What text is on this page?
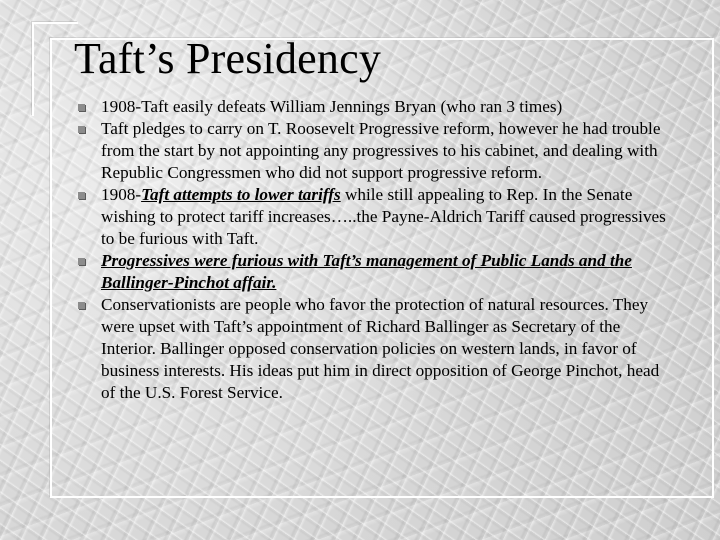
Taft’s Presidency
1908-Taft easily defeats William Jennings Bryan (who ran 3 times)
Taft pledges to carry on T. Roosevelt Progressive reform, however he had trouble from the start by not appointing any progressives to his cabinet, and dealing with Republic Congressmen who did not support progressive reform.
1908-Taft attempts to lower tariffs while still appealing to Rep. In the Senate wishing to protect tariff increases…..the Payne-Aldrich Tariff caused progressives to be furious with Taft.
Progressives were furious with Taft’s management of Public Lands and the Ballinger-Pinchot affair.
Conservationists are people who favor the protection of natural resources. They were upset with Taft’s appointment of Richard Ballinger as Secretary of the Interior. Ballinger opposed conservation policies on western lands, in favor of business interests. His ideas put him in direct opposition of George Pinchot, head of the U.S. Forest Service.
